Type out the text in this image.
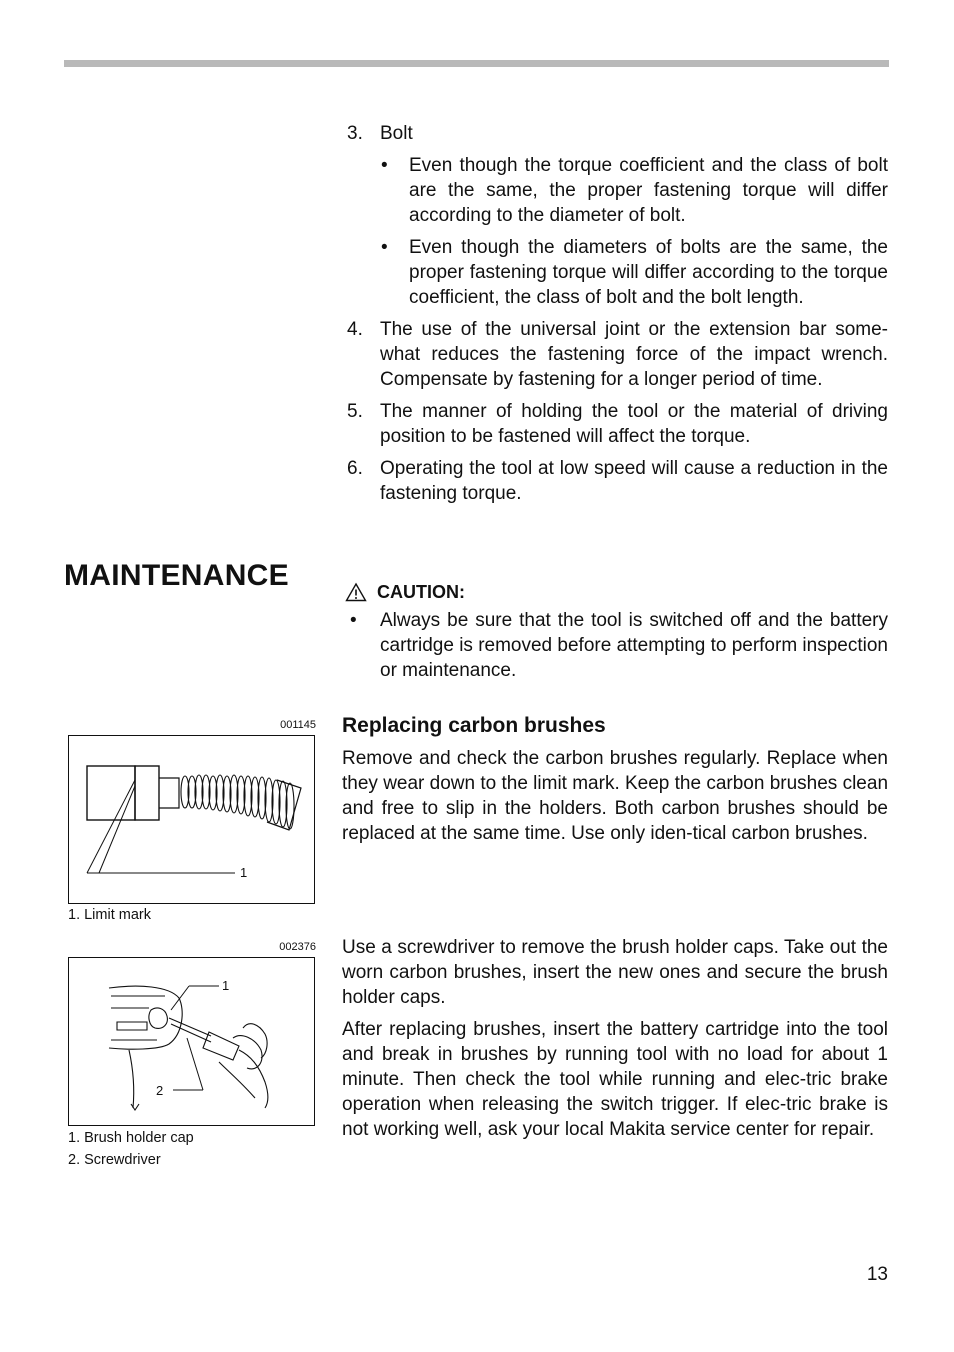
3. Bolt
• Even though the torque coefficient and the class of bolt are the same, the proper fastening torque will differ according to the diameter of bolt.
• Even though the diameters of bolts are the same, the proper fastening torque will differ according to the torque coefficient, the class of bolt and the bolt length.
4. The use of the universal joint or the extension bar some-what reduces the fastening force of the impact wrench. Compensate by fastening for a longer period of time.
5. The manner of holding the tool or the material of driving position to be fastened will affect the torque.
6. Operating the tool at low speed will cause a reduction in the fastening torque.
MAINTENANCE	CAUTION:
• Always be sure that the tool is switched off and the battery cartridge is removed before attempting to perform inspection or maintenance.
Replacing carbon brushes

Remove and check the carbon brushes regularly. Replace when they wear down to the limit mark. Keep the carbon brushes clean and free to slip in the holders. Both carbon brushes should be replaced at the same time. Use only iden-tical carbon brushes.

Use a screwdriver to remove the brush holder caps. Take out the worn carbon brushes, insert the new ones and secure the brush holder caps.

After replacing brushes, insert the battery cartridge into the tool and break in brushes by running tool with no load for about 1 minute. Then check the tool while running and elec-tric brake operation when releasing the switch trigger. If elec-tric brake is not working well, ask your local Makita service center for repair.

001145
1
1. Limit mark
002376
1
2
1. Brush holder cap
2. Screwdriver
13
